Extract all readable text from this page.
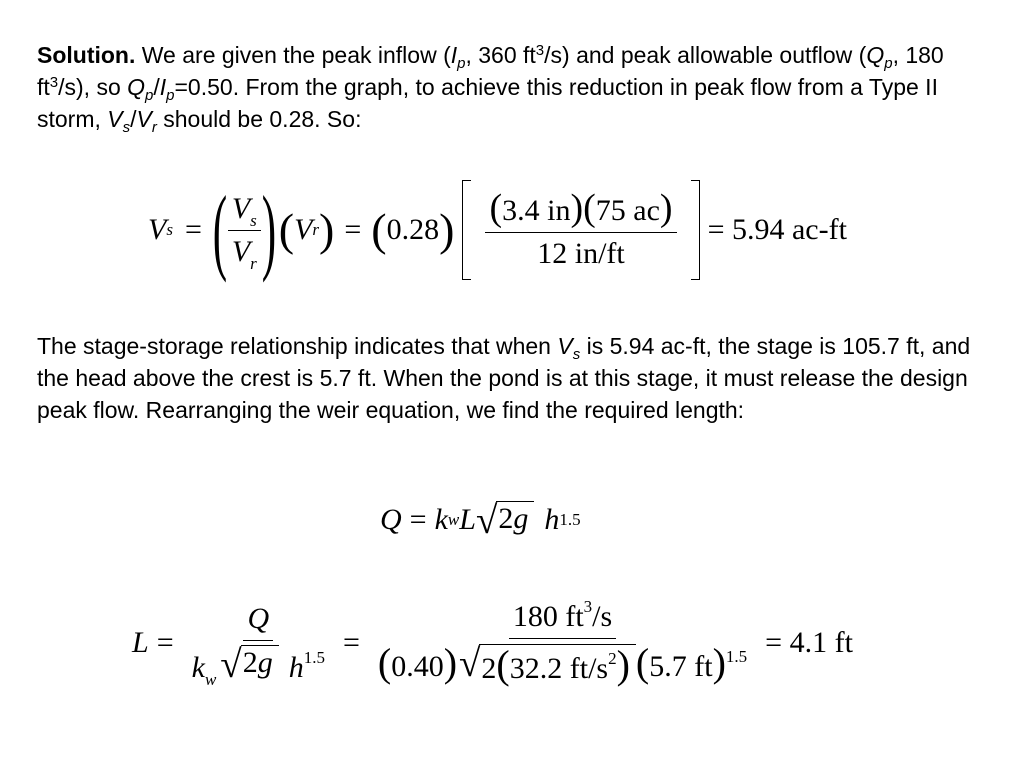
Solution. We are given the peak inflow ($I_p$, 360 $ft^3/s$) and peak allowable outflow ($Q_p$, 180 $ft^3/s$), so $Q_p/I_p=0.50$. From the graph, to achieve this reduction in peak flow from a Type II storm, $V_s/V_r$ should be 0.28. So:
V s = ( $\frac{V_s}{V_r}$ ) ( V r ) = ( 0.28 ) $\frac{(3.4 in)(75 ac)}{12 in/ft} = 5.94$ ac-ft
The stage-storage relationship indicates that when $V_s$ is 5.94 ac-ft, the stage is 105.7 ft, and the head above the crest is 5.7 ft. When the pond is at this stage, it must release the design peak flow. Rearranging the weir equation, we find the required length:
Q = k w L √ 2g h 1.5
$L = \frac{Q}{k_w √ 2g h^{1.5}} = \frac{180 ft^3/s}{(0.40) √ 2(32.2 ft/s^2) (5.7 ft)^{1.5}} = 4.1$ ft
